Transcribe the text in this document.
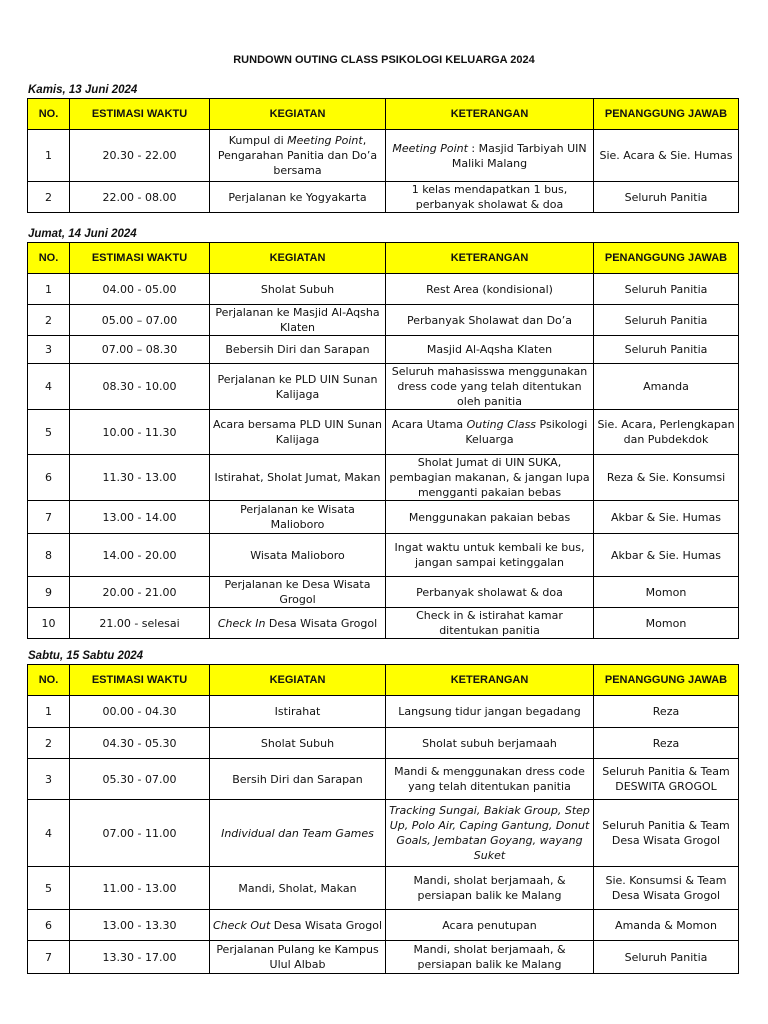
RUNDOWN OUTING CLASS PSIKOLOGI KELUARGA 2024
Kamis, 13 Juni 2024
NO.	ESTIMASI WAKTU	KEGIATAN	KETERANGAN	PENANGGUNG JAWAB
1	20.30 - 22.00	Kumpul di Meeting Point, Pengarahan Panitia dan Do’a bersama	Meeting Point : Masjid Tarbiyah UIN Maliki Malang	Sie. Acara & Sie. Humas
2	22.00 - 08.00	Perjalanan ke Yogyakarta	1 kelas mendapatkan 1 bus, perbanyak sholawat & doa	Seluruh Panitia
Jumat, 14 Juni 2024
NO.	ESTIMASI WAKTU	KEGIATAN	KETERANGAN	PENANGGUNG JAWAB
1	04.00 - 05.00	Sholat Subuh	Rest Area (kondisional)	Seluruh Panitia
2	05.00 – 07.00	Perjalanan ke Masjid Al-Aqsha Klaten	Perbanyak Sholawat dan Do’a	Seluruh Panitia
3	07.00 – 08.30	Bebersih Diri dan Sarapan	Masjid Al-Aqsha Klaten	Seluruh Panitia
4	08.30 - 10.00	Perjalanan ke PLD UIN Sunan Kalijaga	Seluruh mahasisswa menggunakan dress code yang telah ditentukan oleh panitia	Amanda
5	10.00 - 11.30	Acara bersama PLD UIN Sunan Kalijaga	Acara Utama Outing Class Psikologi Keluarga	Sie. Acara, Perlengkapan dan Pubdekdok
6	11.30 - 13.00	Istirahat, Sholat Jumat, Makan	Sholat Jumat di UIN SUKA, pembagian makanan, & jangan lupa mengganti pakaian bebas	Reza & Sie. Konsumsi
7	13.00 - 14.00	Perjalanan ke Wisata Malioboro	Menggunakan pakaian bebas	Akbar & Sie. Humas
8	14.00 - 20.00	Wisata Malioboro	Ingat waktu untuk kembali ke bus, jangan sampai ketinggalan	Akbar & Sie. Humas
9	20.00 - 21.00	Perjalanan ke Desa Wisata Grogol	Perbanyak sholawat & doa	Momon
10	21.00 - selesai	Check In Desa Wisata Grogol	Check in & istirahat kamar ditentukan panitia	Momon
Sabtu, 15 Sabtu 2024
NO.	ESTIMASI WAKTU	KEGIATAN	KETERANGAN	PENANGGUNG JAWAB
1	00.00 - 04.30	Istirahat	Langsung tidur jangan begadang	Reza
2	04.30 - 05.30	Sholat Subuh	Sholat subuh berjamaah	Reza
3	05.30 - 07.00	Bersih Diri dan Sarapan	Mandi & menggunakan dress code yang telah ditentukan panitia	Seluruh Panitia & Team DESWITA GROGOL
4	07.00 - 11.00	Individual dan Team Games	Tracking Sungai, Bakiak Group, Step Up, Polo Air, Caping Gantung, Donut Goals, Jembatan Goyang, wayang Suket	Seluruh Panitia & Team Desa Wisata Grogol
5	11.00 - 13.00	Mandi, Sholat, Makan	Mandi, sholat berjamaah, & persiapan balik ke Malang	Sie. Konsumsi & Team Desa Wisata Grogol
6	13.00 - 13.30	Check Out Desa Wisata Grogol	Acara penutupan	Amanda & Momon
7	13.30 - 17.00	Perjalanan Pulang ke Kampus Ulul Albab	Mandi, sholat berjamaah, & persiapan balik ke Malang	Seluruh Panitia
